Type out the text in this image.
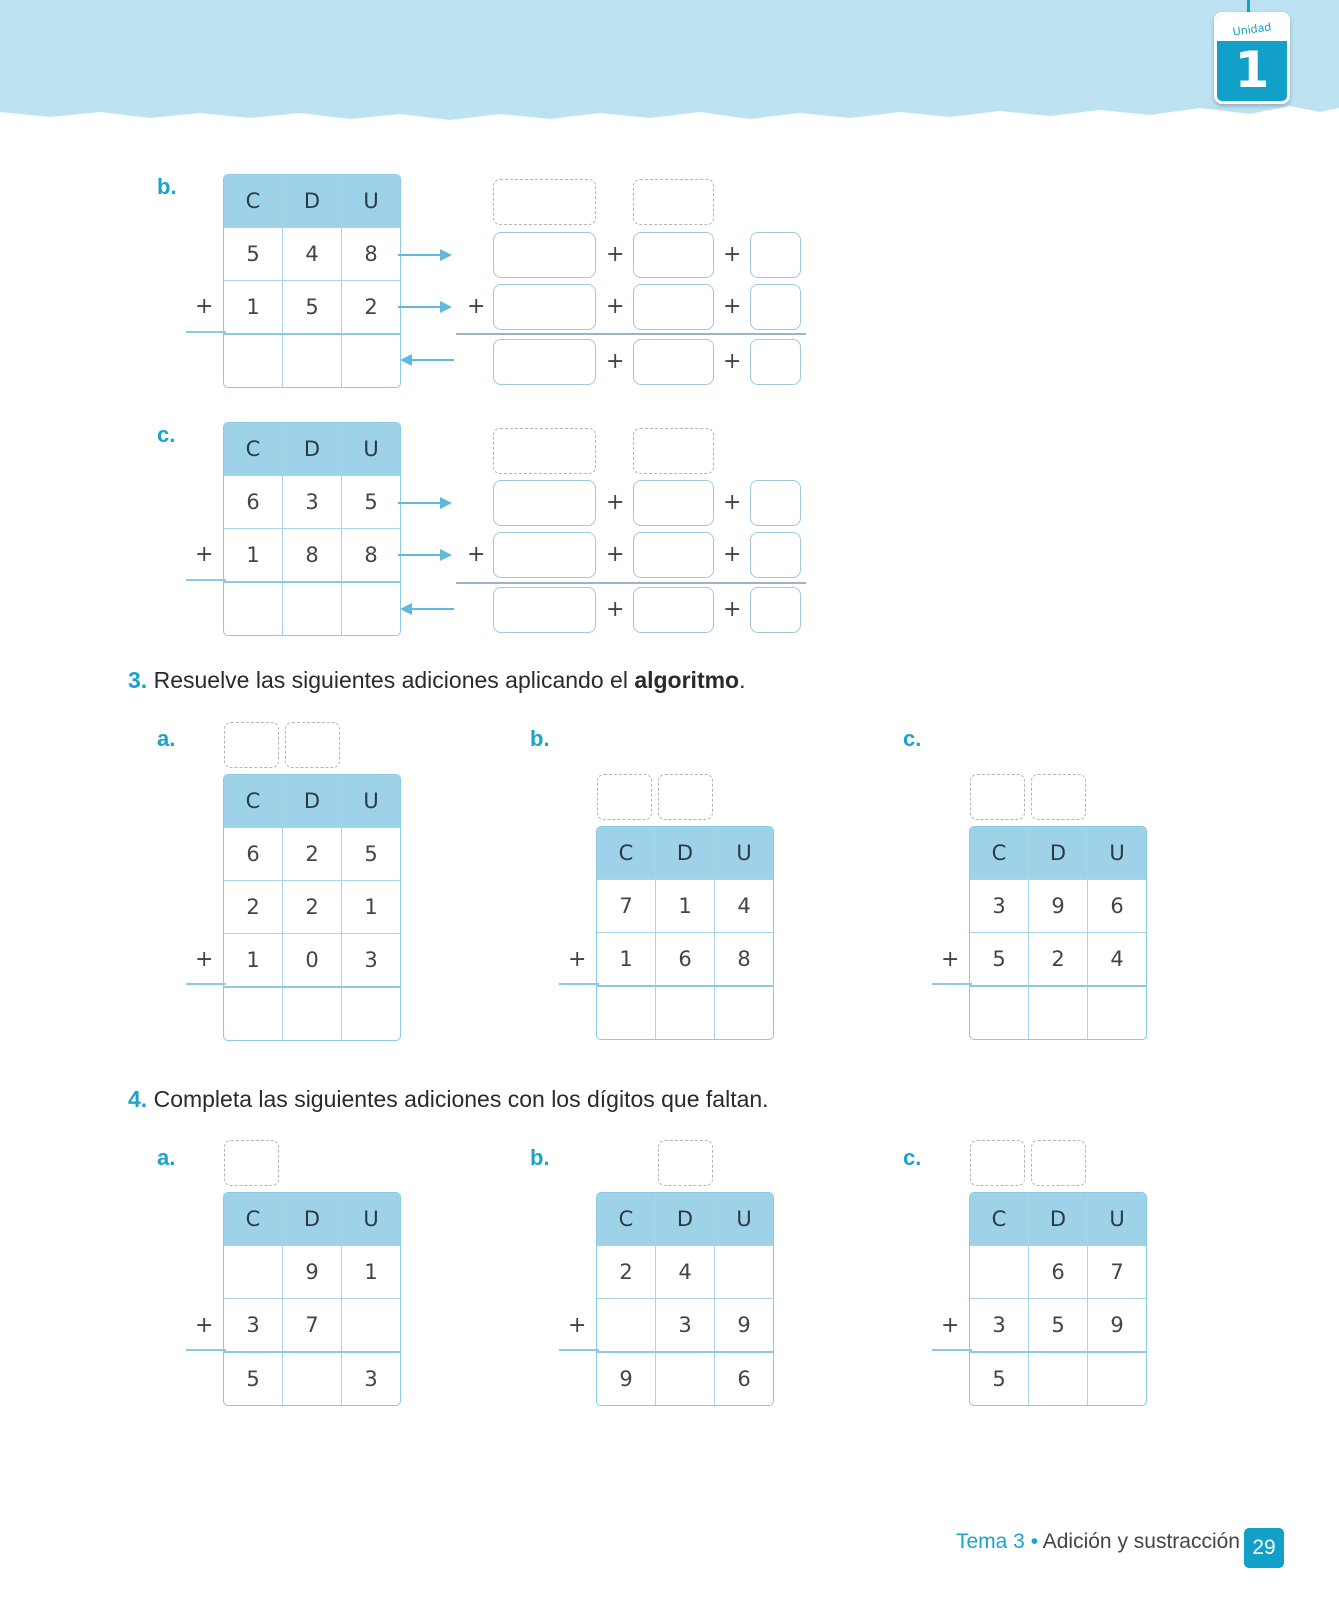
Unidad
1
b.
C	D	U
5	4	8
1	5	2

+
+	+
+	+	+
+	+
c.
C	D	U
6	3	5
1	8	8

+
+	+
+	+	+
+	+
3. Resuelve las siguientes adiciones aplicando el algoritmo.
a.
C	D	U
6	2	5
2	2	1
1	0	3

+
b.
C	D	U
7	1	4
1	6	8

+
c.
C	D	U
3	9	6
5	2	4

+
4. Completa las siguientes adiciones con los dígitos que faltan.
a.
C	D	U
	9	1
3	7	
5		3
+
b.
C	D	U
2	4	
	3	9
9		6
+
c.
C	D	U
	6	7
3	5	9
5		
+
Tema 3 • Adición y sustracción 29
